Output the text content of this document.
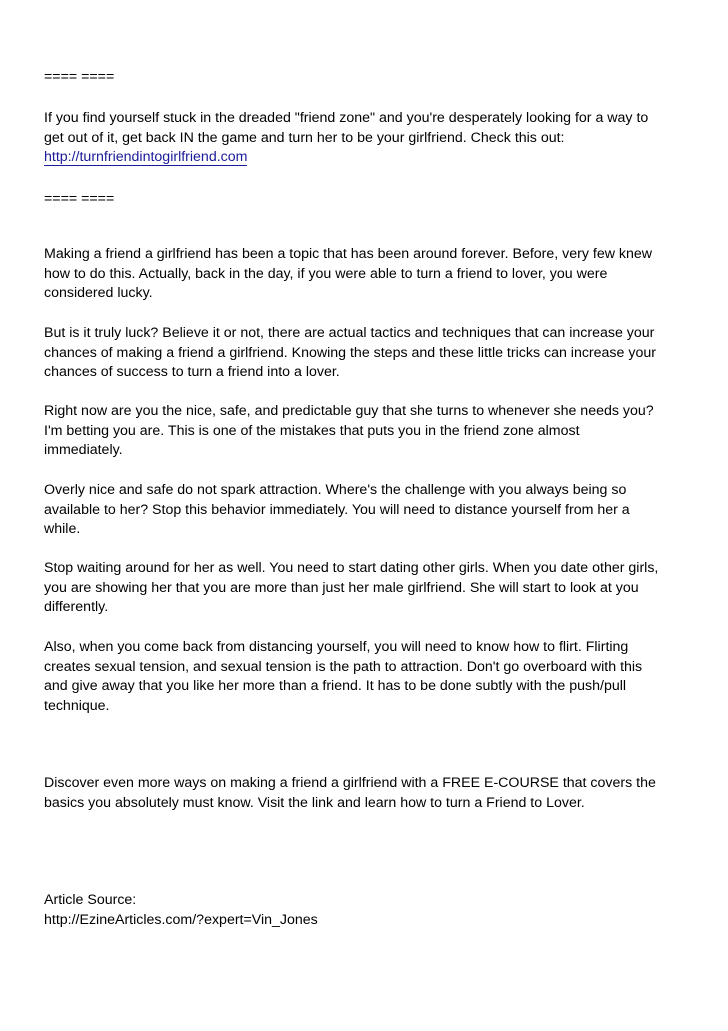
==== ====

If you find yourself stuck in the dreaded "friend zone" and you're desperately looking for a way to

get out of it, get back IN the game and turn her to be your girlfriend. Check this out:

http://turnfriendintogirlfriend.com

==== ====

Making a friend a girlfriend has been a topic that has been around forever. Before, very few knew

how to do this. Actually, back in the day, if you were able to turn a friend to lover, you were

considered lucky.

But is it truly luck? Believe it or not, there are actual tactics and techniques that can increase your

chances of making a friend a girlfriend. Knowing the steps and these little tricks can increase your

chances of success to turn a friend into a lover.

Right now are you the nice, safe, and predictable guy that she turns to whenever she needs you?

I'm betting you are. This is one of the mistakes that puts you in the friend zone almost

immediately.

Overly nice and safe do not spark attraction. Where's the challenge with you always being so

available to her? Stop this behavior immediately. You will need to distance yourself from her a

while.

Stop waiting around for her as well. You need to start dating other girls. When you date other girls,

you are showing her that you are more than just her male girlfriend. She will start to look at you

differently.

Also, when you come back from distancing yourself, you will need to know how to flirt. Flirting

creates sexual tension, and sexual tension is the path to attraction. Don't go overboard with this

and give away that you like her more than a friend. It has to be done subtly with the push/pull

technique.

Discover even more ways on making a friend a girlfriend with a FREE E-COURSE that covers the

basics you absolutely must know. Visit the link and learn how to turn a Friend to Lover.

Article Source:

http://EzineArticles.com/?expert=Vin_Jones
